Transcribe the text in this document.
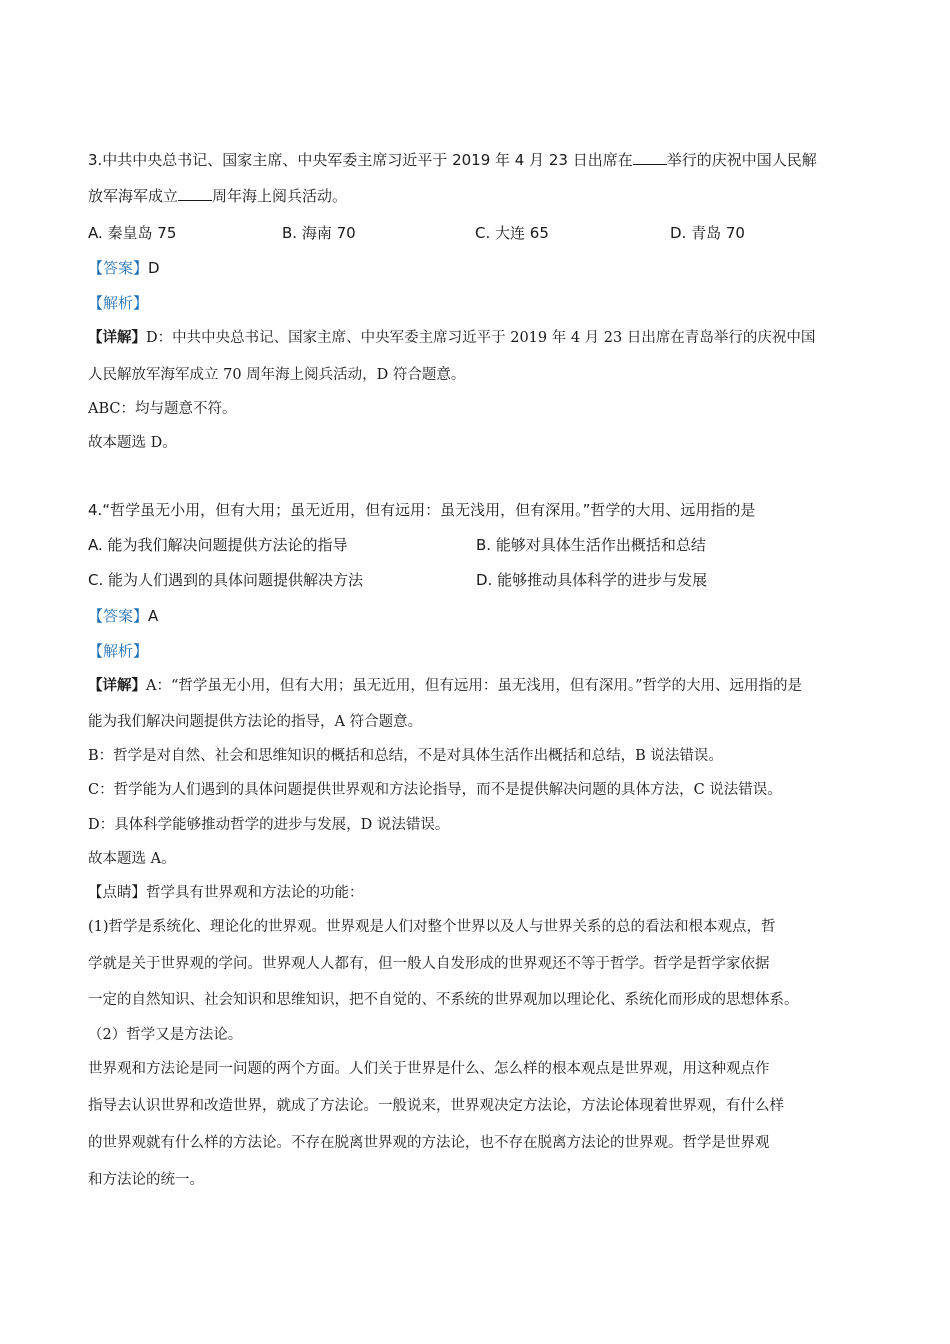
3.中共中央总书记、国家主席、中央军委主席习近平于 2019 年 4 月 23 日出席在 举行的庆祝中国人民解
放军海军成立 周年海上阅兵活动。
A. 秦皇岛 75	B. 海南 70	C. 大连 65	D. 青岛 70
【答案】D
【解析】
【详解】D：中共中央总书记、国家主席、中央军委主席习近平于 2019 年 4 月 23 日出席在青岛举行的庆祝中国
人民解放军海军成立 70 周年海上阅兵活动，D 符合题意。
ABC：均与题意不符。
故本题选 D。
4.“哲学虽无小用，但有大用；虽无近用，但有远用：虽无浅用，但有深用。”哲学的大用、远用指的是
A. 能为我们解决问题提供方法论的指导	B. 能够对具体生活作出概括和总结
C. 能为人们遇到的具体问题提供解决方法	D. 能够推动具体科学的进步与发展
【答案】A
【解析】
【详解】A：“哲学虽无小用，但有大用；虽无近用，但有远用：虽无浅用，但有深用。”哲学的大用、远用指的是
能为我们解决问题提供方法论的指导，A 符合题意。
B：哲学是对自然、社会和思维知识的概括和总结，不是对具体生活作出概括和总结，B 说法错误。
C：哲学能为人们遇到的具体问题提供世界观和方法论指导，而不是提供解决问题的具体方法，C 说法错误。
D：具体科学能够推动哲学的进步与发展，D 说法错误。
故本题选 A。
【点睛】哲学具有世界观和方法论的功能：
(1)哲学是系统化、理论化的世界观。世界观是人们对整个世界以及人与世界关系的总的看法和根本观点，哲
学就是关于世界观的学问。世界观人人都有，但一般人自发形成的世界观还不等于哲学。哲学是哲学家依据
一定的自然知识、社会知识和思维知识，把不自觉的、不系统的世界观加以理论化、系统化而形成的思想体系。
（2）哲学又是方法论。
世界观和方法论是同一问题的两个方面。人们关于世界是什么、怎么样的根本观点是世界观，用这种观点作
指导去认识世界和改造世界，就成了方法论。一般说来，世界观决定方法论，方法论体现着世界观，有什么样
的世界观就有什么样的方法论。不存在脱离世界观的方法论，也不存在脱离方法论的世界观。哲学是世界观
和方法论的统一。
